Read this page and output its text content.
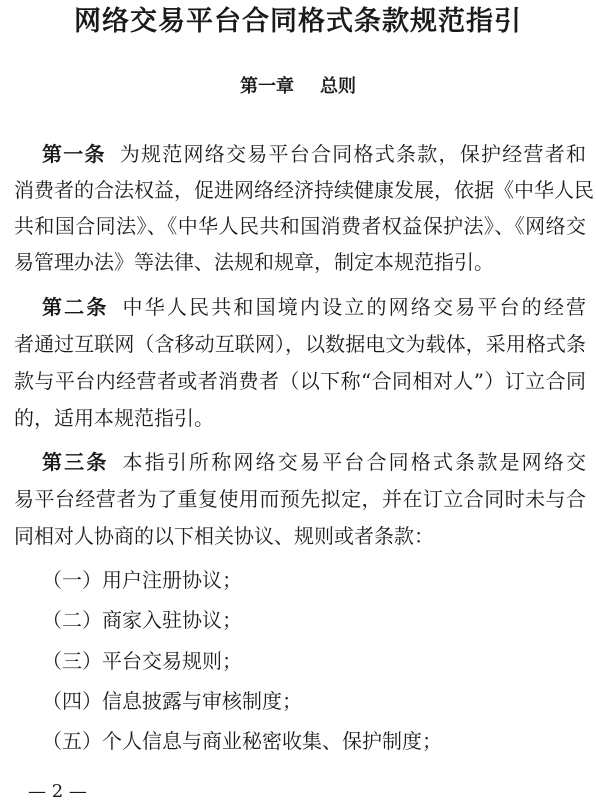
网络交易平台合同格式条款规范指引
第一章 总则
第一条 为规范网络交易平台合同格式条款，保护经营者和
消费者的合法权益，促进网络经济持续健康发展，依据《中华人民
共和国合同法》、《中华人民共和国消费者权益保护法》、《网络交
易管理办法》等法律、法规和规章，制定本规范指引。
第二条 中华人民共和国境内设立的网络交易平台的经营
者通过互联网（含移动互联网），以数据电文为载体，采用格式条
款与平台内经营者或者消费者（以下称“合同相对人”）订立合同
的，适用本规范指引。
第三条 本指引所称网络交易平台合同格式条款是网络交
易平台经营者为了重复使用而预先拟定，并在订立合同时未与合
同相对人协商的以下相关协议、规则或者条款：
（一）用户注册协议；
（二）商家入驻协议；
（三）平台交易规则；
（四）信息披露与审核制度；
（五）个人信息与商业秘密收集、保护制度；
— 2 —
